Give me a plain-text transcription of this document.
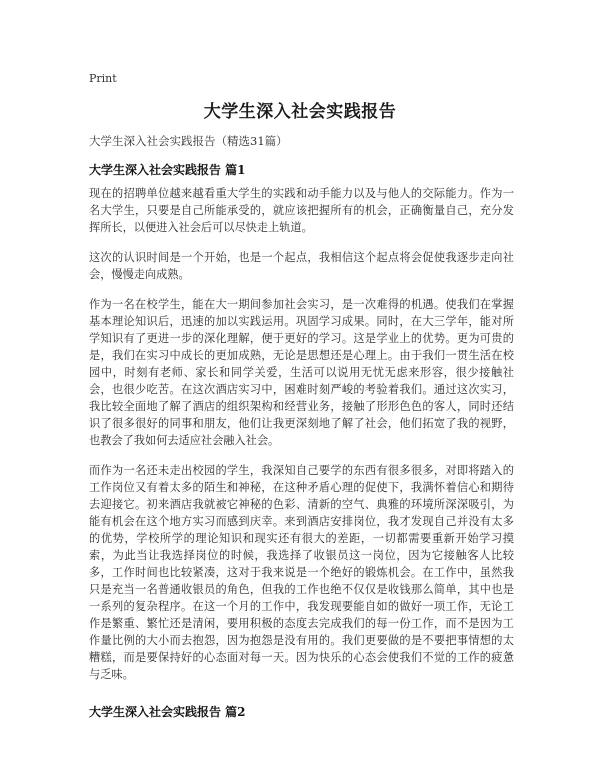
Print
大学生深入社会实践报告

大学生深入社会实践报告（精选31篇）

大学生深入社会实践报告 篇1

现在的招聘单位越来越看重大学生的实践和动手能力以及与他人的交际能力。作为一名大学生，只要是自己所能承受的，就应该把握所有的机会，正确衡量自己，充分发挥所长，以便进入社会后可以尽快走上轨道。

这次的认识时间是一个开始，也是一个起点，我相信这个起点将会促使我逐步走向社会，慢慢走向成熟。

作为一名在校学生，能在大一期间参加社会实习，是一次难得的机遇。使我们在掌握基本理论知识后，迅速的加以实践运用。巩固学习成果。同时，在大三学年，能对所学知识有了更进一步的深化理解，便于更好的学习。这是学业上的优势。更为可贵的是，我们在实习中成长的更加成熟，无论是思想还是心理上。由于我们一贯生活在校园中，时刻有老师、家长和同学关爱，生活可以说用无忧无虑来形容，很少接触社会，也很少吃苦。在这次酒店实习中，困难时刻严峻的考验着我们。通过这次实习，我比较全面地了解了酒店的组织架构和经营业务，接触了形形色色的客人，同时还结识了很多很好的同事和朋友，他们让我更深刻地了解了社会，他们拓宽了我的视野，也教会了我如何去适应社会融入社会。

而作为一名还未走出校园的学生，我深知自己要学的东西有很多很多，对即将踏入的工作岗位又有着太多的陌生和神秘，在这种矛盾心理的促使下，我满怀着信心和期待去迎接它。初来酒店我就被它神秘的色彩、清新的空气、典雅的环境所深深吸引，为能有机会在这个地方实习而感到庆幸。来到酒店安排岗位，我才发现自己并没有太多的优势，学校所学的理论知识和现实还有很大的差距，一切都需要重新开始学习摸索，为此当让我选择岗位的时候，我选择了收银员这一岗位，因为它接触客人比较多，工作时间也比较紧凑，这对于我来说是一个绝好的锻炼机会。在工作中，虽然我只是充当一名普通收银员的角色，但我的工作也绝不仅仅是收钱那么简单，其中也是一系列的复杂程序。在这一个月的工作中，我发现要能自如的做好一项工作，无论工作是繁重、繁忙还是清闲，要用积极的态度去完成我们的每一份工作，而不是因为工作量比例的大小而去抱怨，因为抱怨是没有用的。我们更要做的是不要把事情想的太糟糕，而是要保持好的心态面对每一天。因为快乐的心态会使我们不觉的工作的疲惫与乏味。

大学生深入社会实践报告 篇2
